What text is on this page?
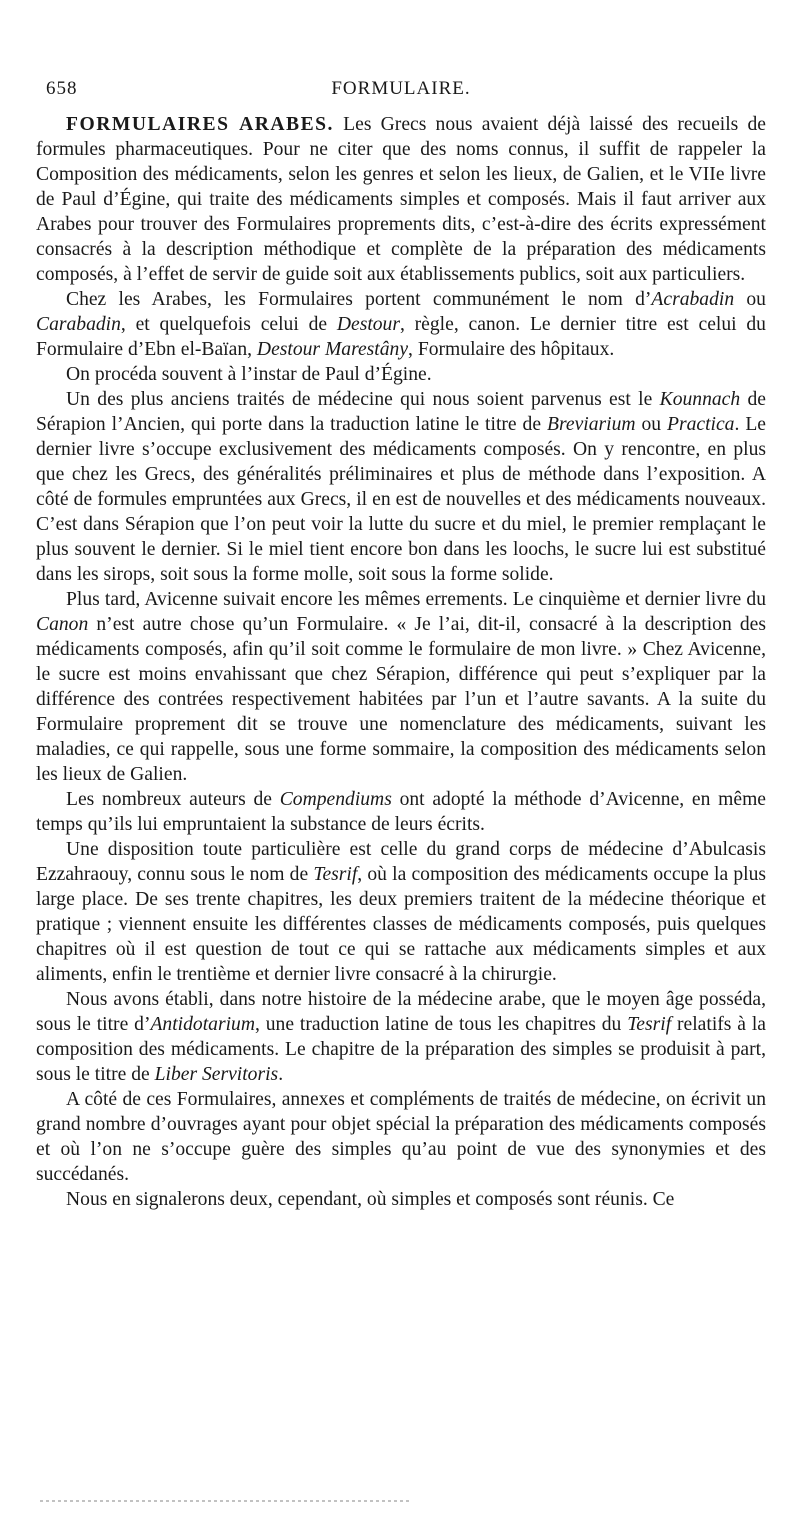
658	FORMULAIRE.

FORMULAIRES ARABES. Les Grecs nous avaient déjà laissé des recueils de formules pharmaceutiques. Pour ne citer que des noms connus, il suffit de rappeler la Composition des médicaments, selon les genres et selon les lieux, de Galien, et le VIIe livre de Paul d’Égine, qui traite des médicaments simples et composés. Mais il faut arriver aux Arabes pour trouver des Formulaires proprements dits, c’est-à-dire des écrits expressément consacrés à la description méthodique et complète de la préparation des médicaments composés, à l’effet de servir de guide soit aux établissements publics, soit aux particuliers.

Chez les Arabes, les Formulaires portent communément le nom d’Acrabadin ou Carabadin, et quelquefois celui de Destour, règle, canon. Le dernier titre est celui du Formulaire d’Ebn el-Baïan, Destour Marestâny, Formulaire des hôpitaux.

On procéda souvent à l’instar de Paul d’Égine.

Un des plus anciens traités de médecine qui nous soient parvenus est le Kounnach de Sérapion l’Ancien, qui porte dans la traduction latine le titre de Breviarium ou Practica. Le dernier livre s’occupe exclusivement des médicaments composés. On y rencontre, en plus que chez les Grecs, des généralités préliminaires et plus de méthode dans l’exposition. A côté de formules empruntées aux Grecs, il en est de nouvelles et des médicaments nouveaux. C’est dans Sérapion que l’on peut voir la lutte du sucre et du miel, le premier remplaçant le plus souvent le dernier. Si le miel tient encore bon dans les loochs, le sucre lui est substitué dans les sirops, soit sous la forme molle, soit sous la forme solide.

Plus tard, Avicenne suivait encore les mêmes errements. Le cinquième et dernier livre du Canon n’est autre chose qu’un Formulaire. « Je l’ai, dit-il, consacré à la description des médicaments composés, afin qu’il soit comme le formulaire de mon livre. » Chez Avicenne, le sucre est moins envahissant que chez Sérapion, différence qui peut s’expliquer par la différence des contrées respectivement habitées par l’un et l’autre savants. A la suite du Formulaire proprement dit se trouve une nomenclature des médicaments, suivant les maladies, ce qui rappelle, sous une forme sommaire, la composition des médicaments selon les lieux de Galien.

Les nombreux auteurs de Compendiums ont adopté la méthode d’Avicenne, en même temps qu’ils lui empruntaient la substance de leurs écrits.

Une disposition toute particulière est celle du grand corps de médecine d’Abulcasis Ezzahraouy, connu sous le nom de Tesrif, où la composition des médicaments occupe la plus large place. De ses trente chapitres, les deux premiers traitent de la médecine théorique et pratique ; viennent ensuite les différentes classes de médicaments composés, puis quelques chapitres où il est question de tout ce qui se rattache aux médicaments simples et aux aliments, enfin le trentième et dernier livre consacré à la chirurgie.

Nous avons établi, dans notre histoire de la médecine arabe, que le moyen âge posséda, sous le titre d’Antidotarium, une traduction latine de tous les chapitres du Tesrif relatifs à la composition des médicaments. Le chapitre de la préparation des simples se produisit à part, sous le titre de Liber Servitoris.

A côté de ces Formulaires, annexes et compléments de traités de médecine, on écrivit un grand nombre d’ouvrages ayant pour objet spécial la préparation des médicaments composés et où l’on ne s’occupe guère des simples qu’au point de vue des synonymies et des succédanés.

Nous en signalerons deux, cependant, où simples et composés sont réunis. Ce
